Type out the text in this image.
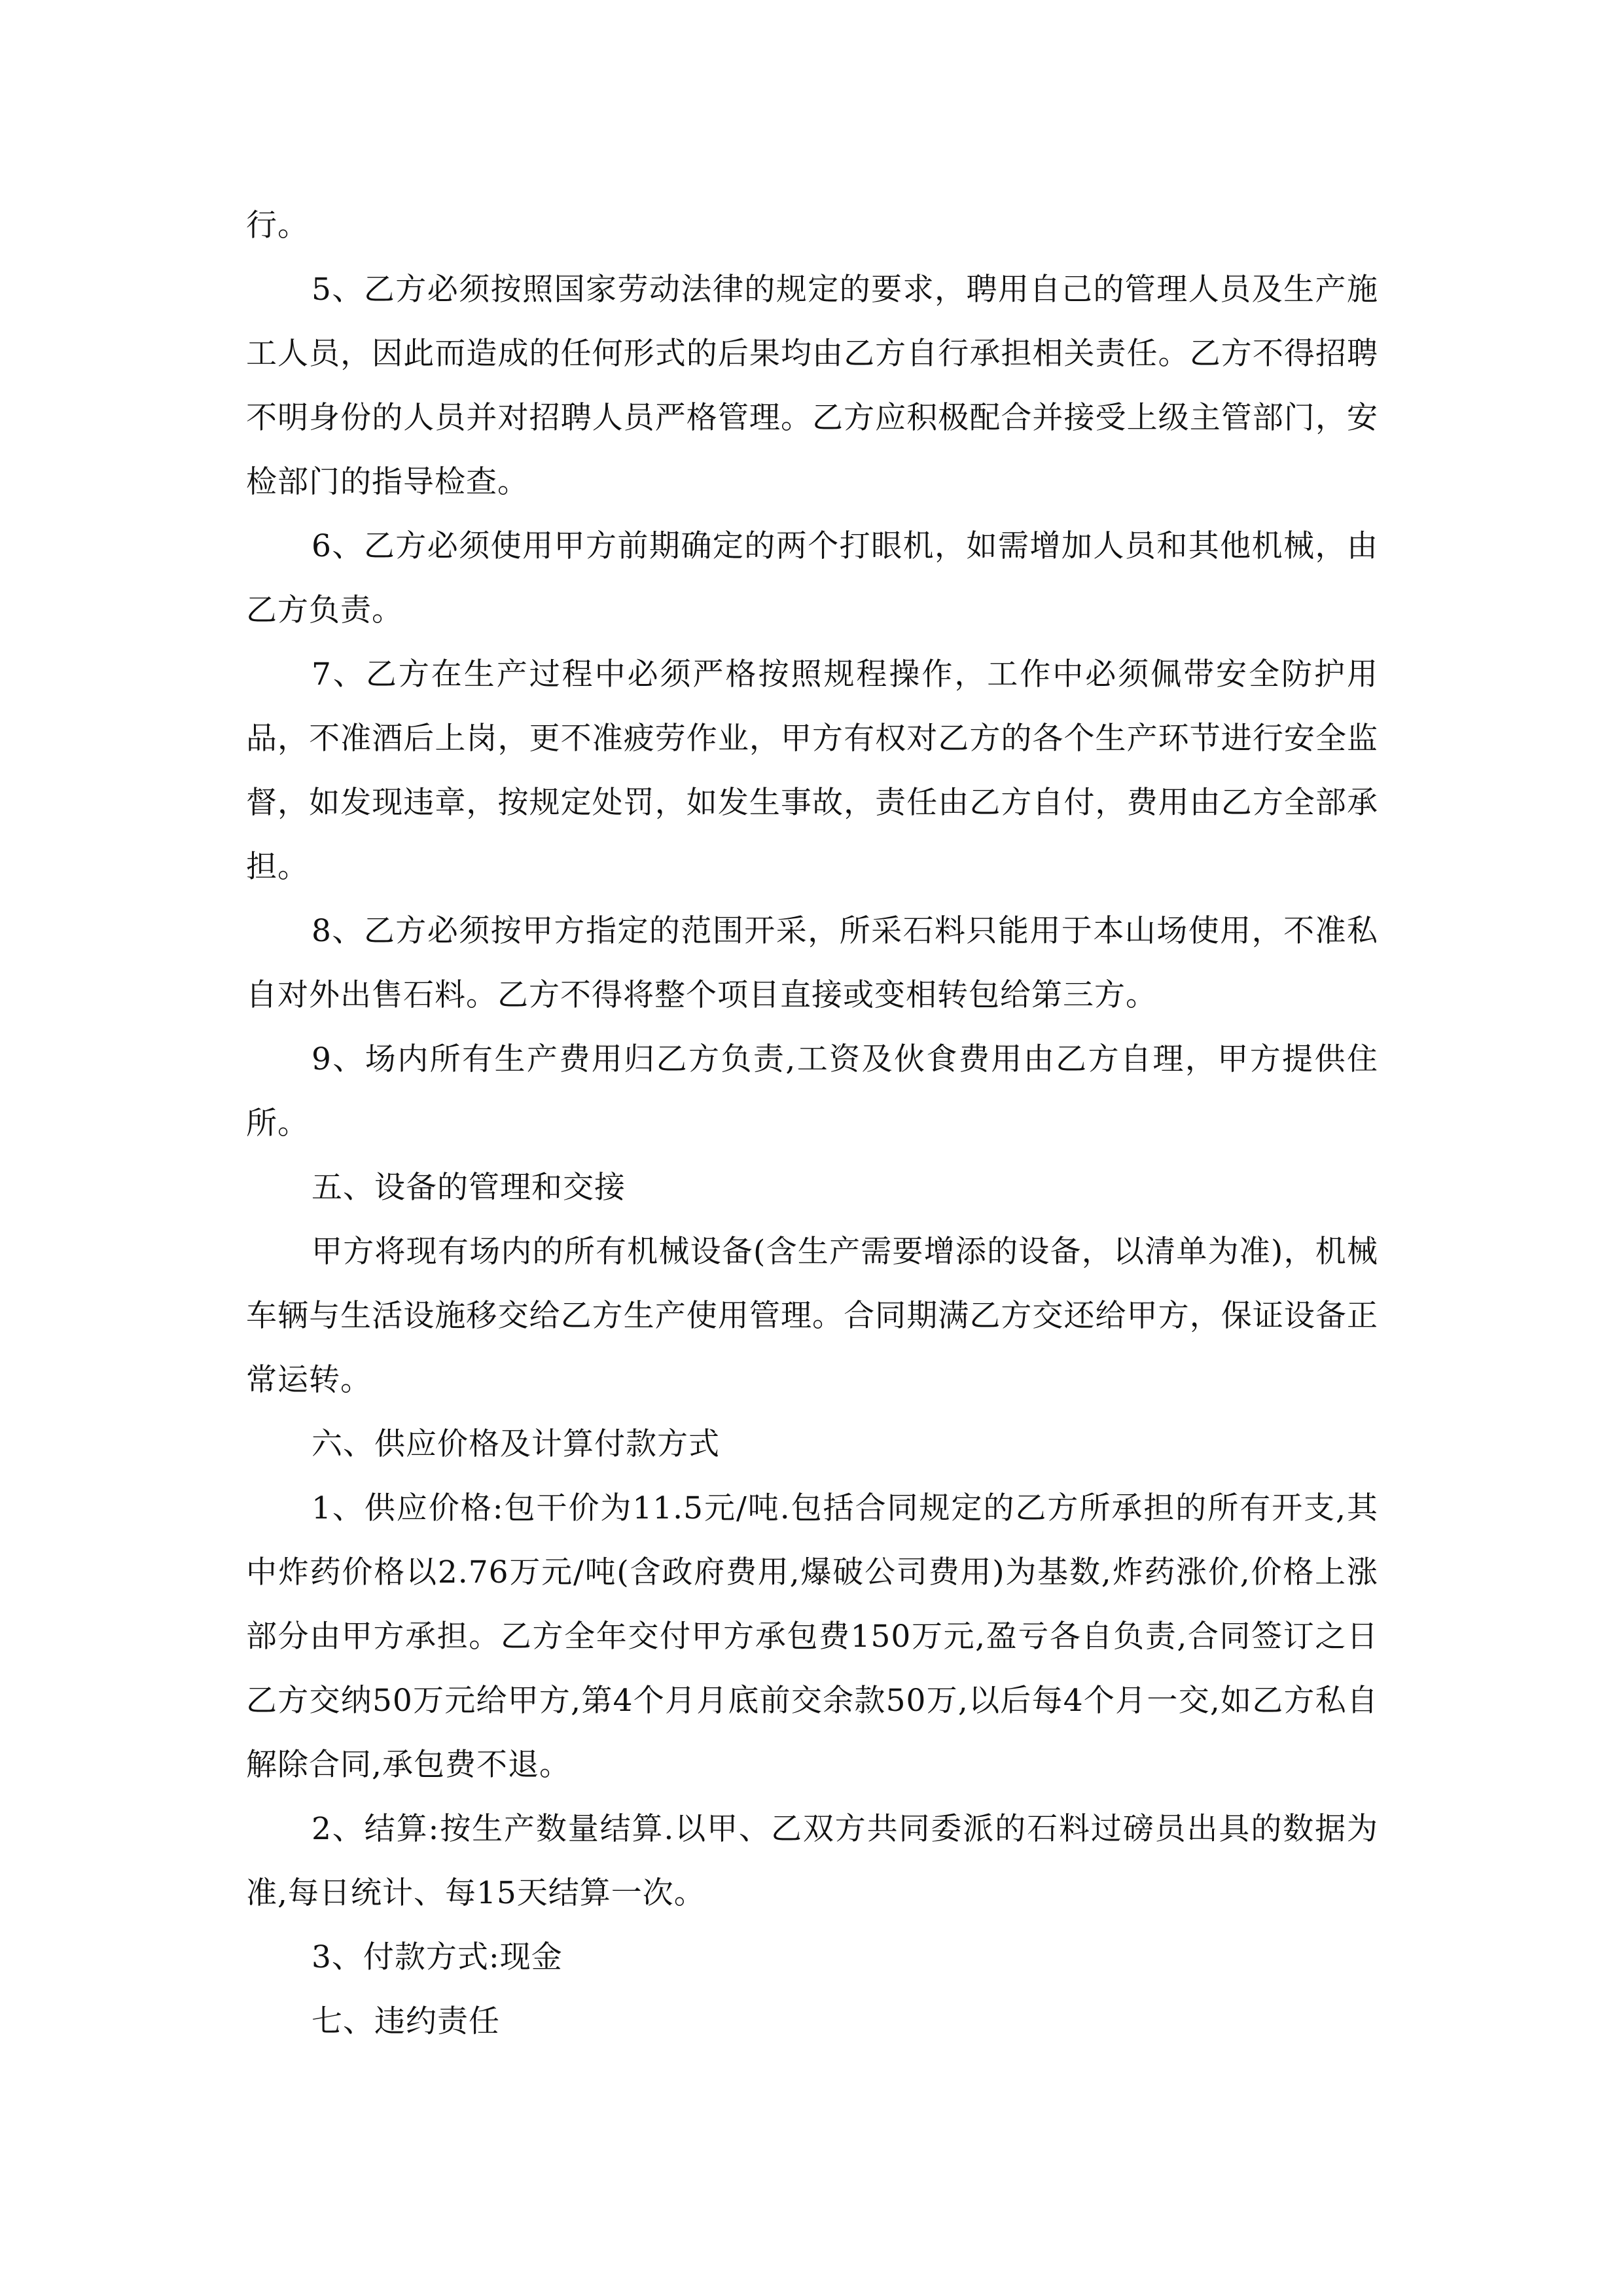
行。

5、乙方必须按照国家劳动法律的规定的要求，聘用自己的管理人员及生产施工人员，因此而造成的任何形式的后果均由乙方自行承担相关责任。乙方不得招聘不明身份的人员并对招聘人员严格管理。乙方应积极配合并接受上级主管部门，安检部门的指导检查。

6、乙方必须使用甲方前期确定的两个打眼机，如需增加人员和其他机械，由乙方负责。

7、乙方在生产过程中必须严格按照规程操作，工作中必须佩带安全防护用品，不准酒后上岗，更不准疲劳作业，甲方有权对乙方的各个生产环节进行安全监督，如发现违章，按规定处罚，如发生事故，责任由乙方自付，费用由乙方全部承担。

8、乙方必须按甲方指定的范围开采，所采石料只能用于本山场使用，不准私自对外出售石料。乙方不得将整个项目直接或变相转包给第三方。

9、场内所有生产费用归乙方负责,工资及伙食费用由乙方自理，甲方提供住所。

五、设备的管理和交接

甲方将现有场内的所有机械设备(含生产需要增添的设备，以清单为准)，机械车辆与生活设施移交给乙方生产使用管理。合同期满乙方交还给甲方，保证设备正常运转。

六、供应价格及计算付款方式

1、供应价格:包干价为11.5元/吨.包括合同规定的乙方所承担的所有开支,其中炸药价格以2.76万元/吨(含政府费用,爆破公司费用)为基数,炸药涨价,价格上涨部分由甲方承担。乙方全年交付甲方承包费150万元,盈亏各自负责,合同签订之日乙方交纳50万元给甲方,第4个月月底前交余款50万,以后每4个月一交,如乙方私自解除合同,承包费不退。

2、结算:按生产数量结算.以甲、乙双方共同委派的石料过磅员出具的数据为准,每日统计、每15天结算一次。

3、付款方式:现金

七、违约责任
